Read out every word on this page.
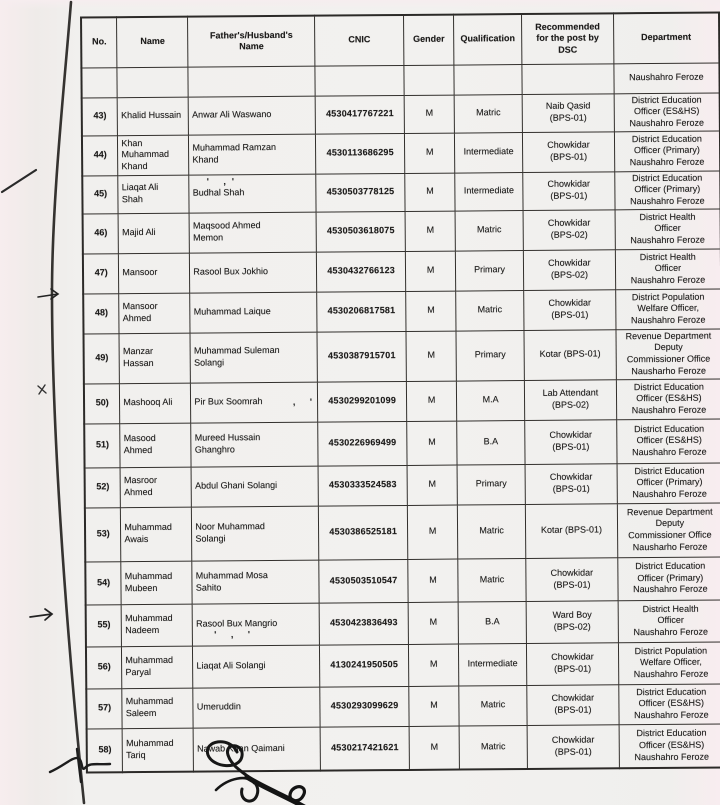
No.	Name	Father's/Husband's
Name	CNIC	Gender	Qualification	Recommended
for the post by
DSC	Department
							Naushahro Feroze
43)	Khalid Hussain	Anwar Ali Waswano	4530417767221	M	Matric	Naib Qasid
(BPS-01)	District Education
Officer (ES&HS)
Naushahro Feroze
44)	Khan
Muhammad
Khand	Muhammad Ramzan
Khand	4530113686295	M	Intermediate	Chowkidar
(BPS-01)	District Education
Officer (Primary)
Naushahro Feroze
45)	Liaqat Ali
Shah	Budhal Shah
' ,'	4530503778125	M	Intermediate	Chowkidar
(BPS-01)	District Education
Officer (Primary)
Naushahro Feroze
46)	Majid Ali	Maqsood Ahmed
Memon	4530503618075	M	Matric	Chowkidar
(BPS-02)	District Health
Officer
Naushahro Feroze
47)	Mansoor	Rasool Bux Jokhio	4530432766123	M	Primary	Chowkidar
(BPS-02)	District Health
Officer
Naushahro Feroze
48)	Mansoor
Ahmed	Muhammad Laique	4530206817581	M	Matric	Chowkidar
(BPS-01)	District Population
Welfare Officer,
Naushahro Feroze
49)	Manzar
Hassan	Muhammad Suleman
Solangi	4530387915701	M	Primary	Kotar (BPS-01)	Revenue Department
Deputy
Commissioner Office
Nausharho Feroze
50)	Mashooq Ali	Pir Bux Soomrah , '	4530299201099	M	M.A	Lab Attendant
(BPS-02)	District Education
Officer (ES&HS)
Naushahro Feroze
51)	Masood
Ahmed	Mureed Hussain
Ghanghro	4530226969499	M	B.A	Chowkidar
(BPS-01)	District Education
Officer (ES&HS)
Naushahro Feroze
52)	Masroor
Ahmed	Abdul Ghani Solangi	4530333524583	M	Primary	Chowkidar
(BPS-01)	District Education
Officer (Primary)
Naushahro Feroze
53)	Muhammad
Awais	Noor Muhammad
Solangi	4530386525181	M	Matric	Kotar (BPS-01)	Revenue Department
Deputy
Commissioner Office
Nausharho Feroze
54)	Muhammad
Mubeen	Muhammad Mosa
Sahito	4530503510547	M	Matric	Chowkidar
(BPS-01)	District Education
Officer (Primary)
Naushahro Feroze
55)	Muhammad
Nadeem	Rasool Bux Mangrio
' , '	4530423836493	M	B.A	Ward Boy
(BPS-02)	District Health
Officer
Naushahro Feroze
56)	Muhammad
Paryal	Liaqat Ali Solangi	4130241950505	M	Intermediate	Chowkidar
(BPS-01)	District Population
Welfare Officer,
Naushahro Feroze
57)	Muhammad
Saleem	Umeruddin	4530293099629	M	Matric	Chowkidar
(BPS-01)	District Education
Officer (ES&HS)
Naushahro Feroze
58)	Muhammad
Tariq	Nawab Khan Qaimani	4530217421621	M	Matric	Chowkidar
(BPS-01)	District Education
Officer (ES&HS)
Naushahro Feroze
